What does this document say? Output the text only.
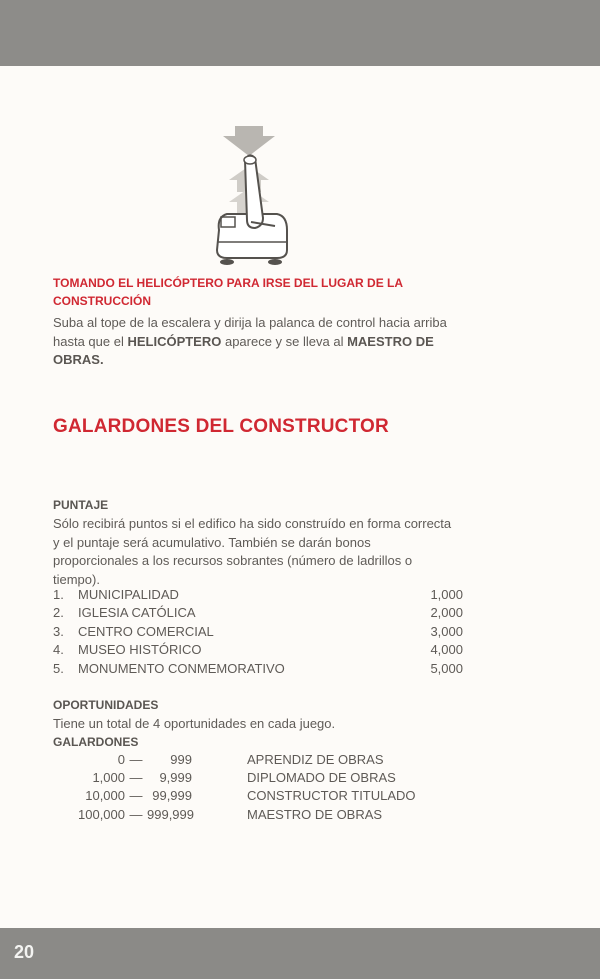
TOMANDO EL HELICÓPTERO PARA IRSE DEL LUGAR DE LA CONSTRUCCIÓN
Suba al tope de la escalera y dirija la palanca de control hacia arriba hasta que el HELICÓPTERO aparece y se lleva al MAESTRO DE OBRAS.
GALARDONES DEL CONSTRUCTOR
PUNTAJE
Sólo recibirá puntos si el edifico ha sido construído en forma correcta y el puntaje será acumulativo. También se darán bonos proporcionales a los recursos sobrantes (número de ladrillos o tiempo).
1.	MUNICIPALIDAD	1,000
2.	IGLESIA CATÓLICA	2,000
3.	CENTRO COMERCIAL	3,000
4.	MUSEO HISTÓRICO	4,000
5.	MONUMENTO CONMEMORATIVO	5,000
OPORTUNIDADES
Tiene un total de 4 oportunidades en cada juego.
GALARDONES
0 —	999	APRENDIZ DE OBRAS
1,000 —	9,999	DIPLOMADO DE OBRAS
10,000 — 99,999	CONSTRUCTOR TITULADO
100,000 — 999,999	MAESTRO DE OBRAS
20
